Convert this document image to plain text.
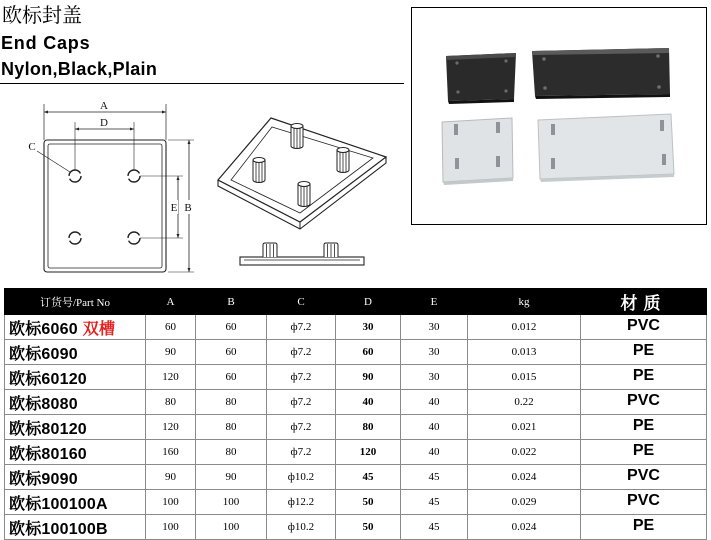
欧标封盖
End Caps
Nylon,Black,Plain
A
D
C
E B
订货号/Part No	A	B	C	D	E	kg	材质
欧标6060 双槽	60	60	ф7.2	30	30	0.012	PVC
欧标6090	90	60	ф7.2	60	30	0.013	PE
欧标60120	120	60	ф7.2	90	30	0.015	PE
欧标8080	80	80	ф7.2	40	40	0.22	PVC
欧标80120	120	80	ф7.2	80	40	0.021	PE
欧标80160	160	80	ф7.2	120	40	0.022	PE
欧标9090	90	90	ф10.2	45	45	0.024	PVC
欧标100100A	100	100	ф12.2	50	45	0.029	PVC
欧标100100B	100	100	ф10.2	50	45	0.024	PE
